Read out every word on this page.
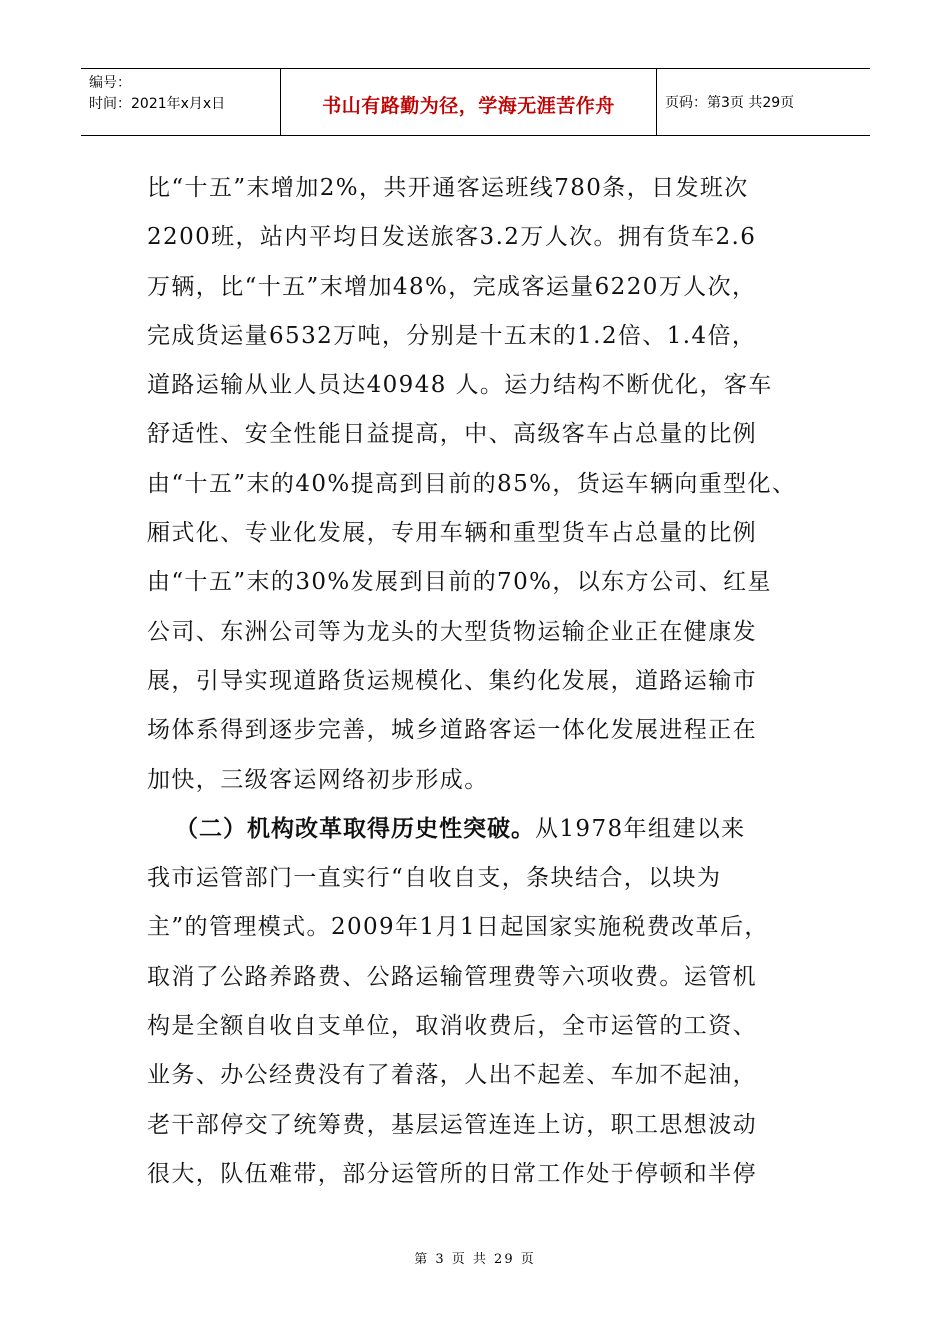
编号：
时间：2021年x月x日	书山有路勤为径，学海无涯苦作舟	页码：第3页 共29页
比“十五”末增加2%，共开通客运班线780条，日发班次
2200班，站内平均日发送旅客3.2万人次。拥有货车2.6
万辆，比“十五”末增加48%，完成客运量6220万人次，
完成货运量6532万吨，分别是十五末的1.2倍、1.4倍，
道路运输从业人员达40948 人。运力结构不断优化，客车
舒适性、安全性能日益提高，中、高级客车占总量的比例
由“十五”末的40%提高到目前的85%，货运车辆向重型化、
厢式化、专业化发展，专用车辆和重型货车占总量的比例
由“十五”末的30%发展到目前的70%，以东方公司、红星
公司、东洲公司等为龙头的大型货物运输企业正在健康发
展，引导实现道路货运规模化、集约化发展，道路运输市
场体系得到逐步完善，城乡道路客运一体化发展进程正在
加快，三级客运网络初步形成。
（二）机构改革取得历史性突破。从1978年组建以来
我市运管部门一直实行“自收自支，条块结合，以块为
主”的管理模式。2009年1月1日起国家实施税费改革后，
取消了公路养路费、公路运输管理费等六项收费。运管机
构是全额自收自支单位，取消收费后，全市运管的工资、
业务、办公经费没有了着落，人出不起差、车加不起油，
老干部停交了统筹费，基层运管连连上访，职工思想波动
很大，队伍难带，部分运管所的日常工作处于停顿和半停
第 3 页 共 29 页
